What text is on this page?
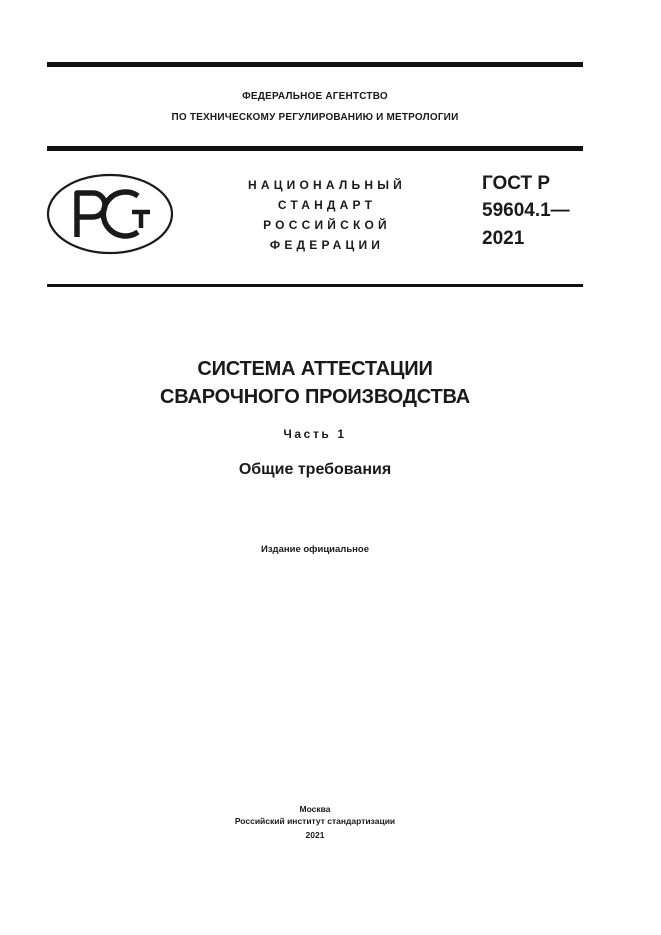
ФЕДЕРАЛЬНОЕ АГЕНТСТВО
ПО ТЕХНИЧЕСКОМУ РЕГУЛИРОВАНИЮ И МЕТРОЛОГИИ
НАЦИОНАЛЬНЫЙ
СТАНДАРТ
РОССИЙСКОЙ
ФЕДЕРАЦИИ
ГОСТ Р
59604.1—
2021
СИСТЕМА АТТЕСТАЦИИ
СВАРОЧНОГО ПРОИЗВОДСТВА
Часть 1
Общие требования
Издание официальное
Москва
Российский институт стандартизации
2021
